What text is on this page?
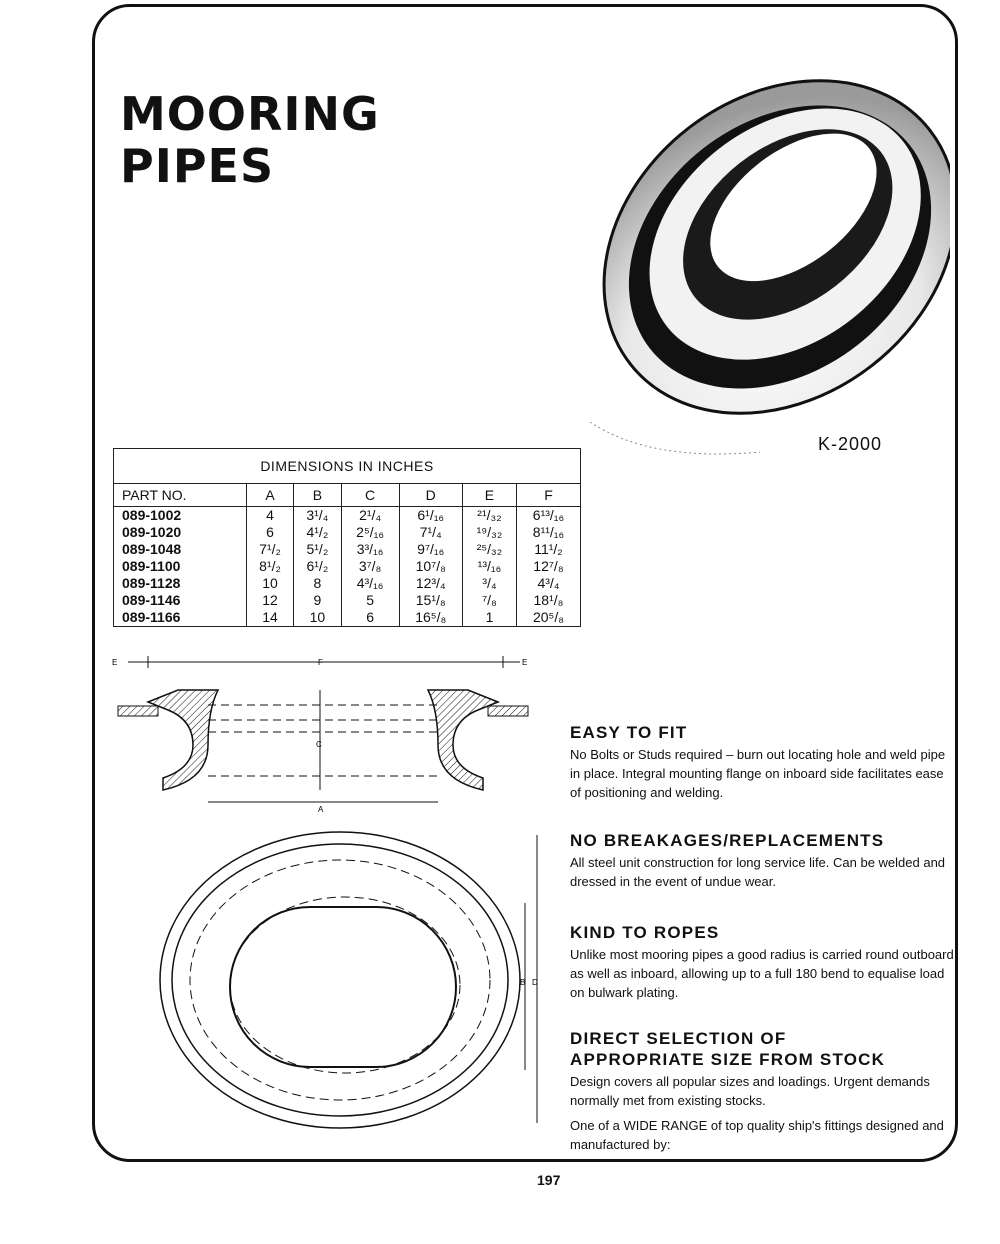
MOORING
PIPES
K-2000
DIMENSIONS IN INCHES						
PART NO.	A	B	C	D	E	F
089-1002	4	3¹/₄	2¹/₄	6¹/₁₆	²¹/₃₂	6¹³/₁₆
089-1020	6	4¹/₂	2⁵/₁₆	7¹/₄	¹⁹/₃₂	8¹¹/₁₆
089-1048	7¹/₂	5¹/₂	3³/₁₆	9⁷/₁₆	²⁵/₃₂	11¹/₂
089-1100	8¹/₂	6¹/₂	3⁷/₈	10⁷/₈	¹³/₁₆	12⁷/₈
089-1128	10	8	4³/₁₆	12³/₄	³/₄	4³/₄
089-1146	12	9	5	15¹/₈	⁷/₈	18¹/₈
089-1166	14	10	6	16⁵/₈	1	20⁵/₈
E	F	E
C
A
B D
EASY TO FIT

No Bolts or Studs required – burn out locating hole and weld pipe in place. Integral mounting flange on inboard side facilitates ease of positioning and welding.

NO BREAKAGES/REPLACEMENTS

All steel unit construction for long service life. Can be welded and dressed in the event of undue wear.

KIND TO ROPES

Unlike most mooring pipes a good radius is carried round outboard as well as inboard, allowing up to a full 180 bend to equalise load on bulwark plating.

DIRECT SELECTION OF
APPROPRIATE SIZE FROM STOCK

Design covers all popular sizes and loadings. Urgent demands normally met from existing stocks.

One of a WIDE RANGE of top quality ship's fittings designed and manufactured by:

197
